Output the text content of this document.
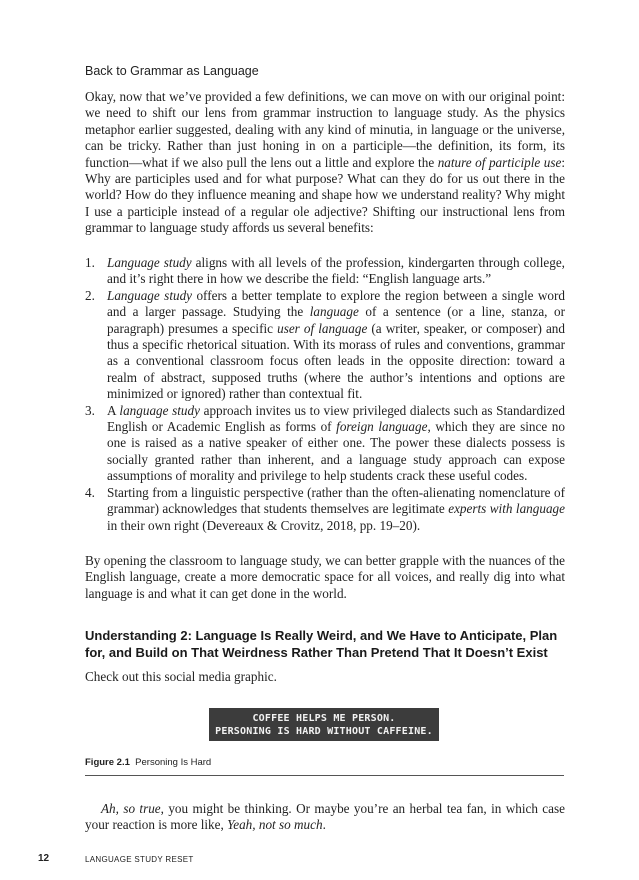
Back to Grammar as Language

Okay, now that we’ve provided a few definitions, we can move on with our original point: we need to shift our lens from grammar instruction to language study. As the physics metaphor earlier suggested, dealing with any kind of minutia, in language or the universe, can be tricky. Rather than just honing in on a participle—the definition, its form, its function—what if we also pull the lens out a little and explore the nature of participle use: Why are participles used and for what purpose? What can they do for us out there in the world? How do they influence meaning and shape how we understand reality? Why might I use a participle instead of a regular ole adjective? Shifting our instructional lens from grammar to language study affords us several benefits:

1. Language study aligns with all levels of the profession, kindergarten through college, and it’s right there in how we describe the field: “English language arts.”
2. Language study offers a better template to explore the region between a single word and a larger passage. Studying the language of a sentence (or a line, stanza, or paragraph) presumes a specific user of language (a writer, speaker, or composer) and thus a specific rhetorical situation. With its morass of rules and conventions, grammar as a conventional classroom focus often leads in the opposite direction: toward a realm of abstract, supposed truths (where the author’s intentions and options are minimized or ignored) rather than contextual fit.
3. A language study approach invites us to view privileged dialects such as Standardized English or Academic English as forms of foreign language, which they are since no one is raised as a native speaker of either one. The power these dialects possess is socially granted rather than inherent, and a language study approach can expose assumptions of morality and privilege to help students crack these useful codes.
4. Starting from a linguistic perspective (rather than the often-alienating nomenclature of grammar) acknowledges that students themselves are legitimate experts with language in their own right (Devereaux & Crovitz, 2018, pp. 19–20).

By opening the classroom to language study, we can better grapple with the nuances of the English language, create a more democratic space for all voices, and really dig into what language is and what it can get done in the world.

Understanding 2: Language Is Really Weird, and We Have to Anticipate, Plan for, and Build on That Weirdness Rather Than Pretend That It Doesn’t Exist

Check out this social media graphic.

COFFEE HELPS ME PERSON.
PERSONING IS HARD WITHOUT CAFFEINE.
Figure 2.1 Personing Is Hard

Ah, so true, you might be thinking. Or maybe you’re an herbal tea fan, in which case your reaction is more like, Yeah, not so much.

12	LANGUAGE STUDY RESET
